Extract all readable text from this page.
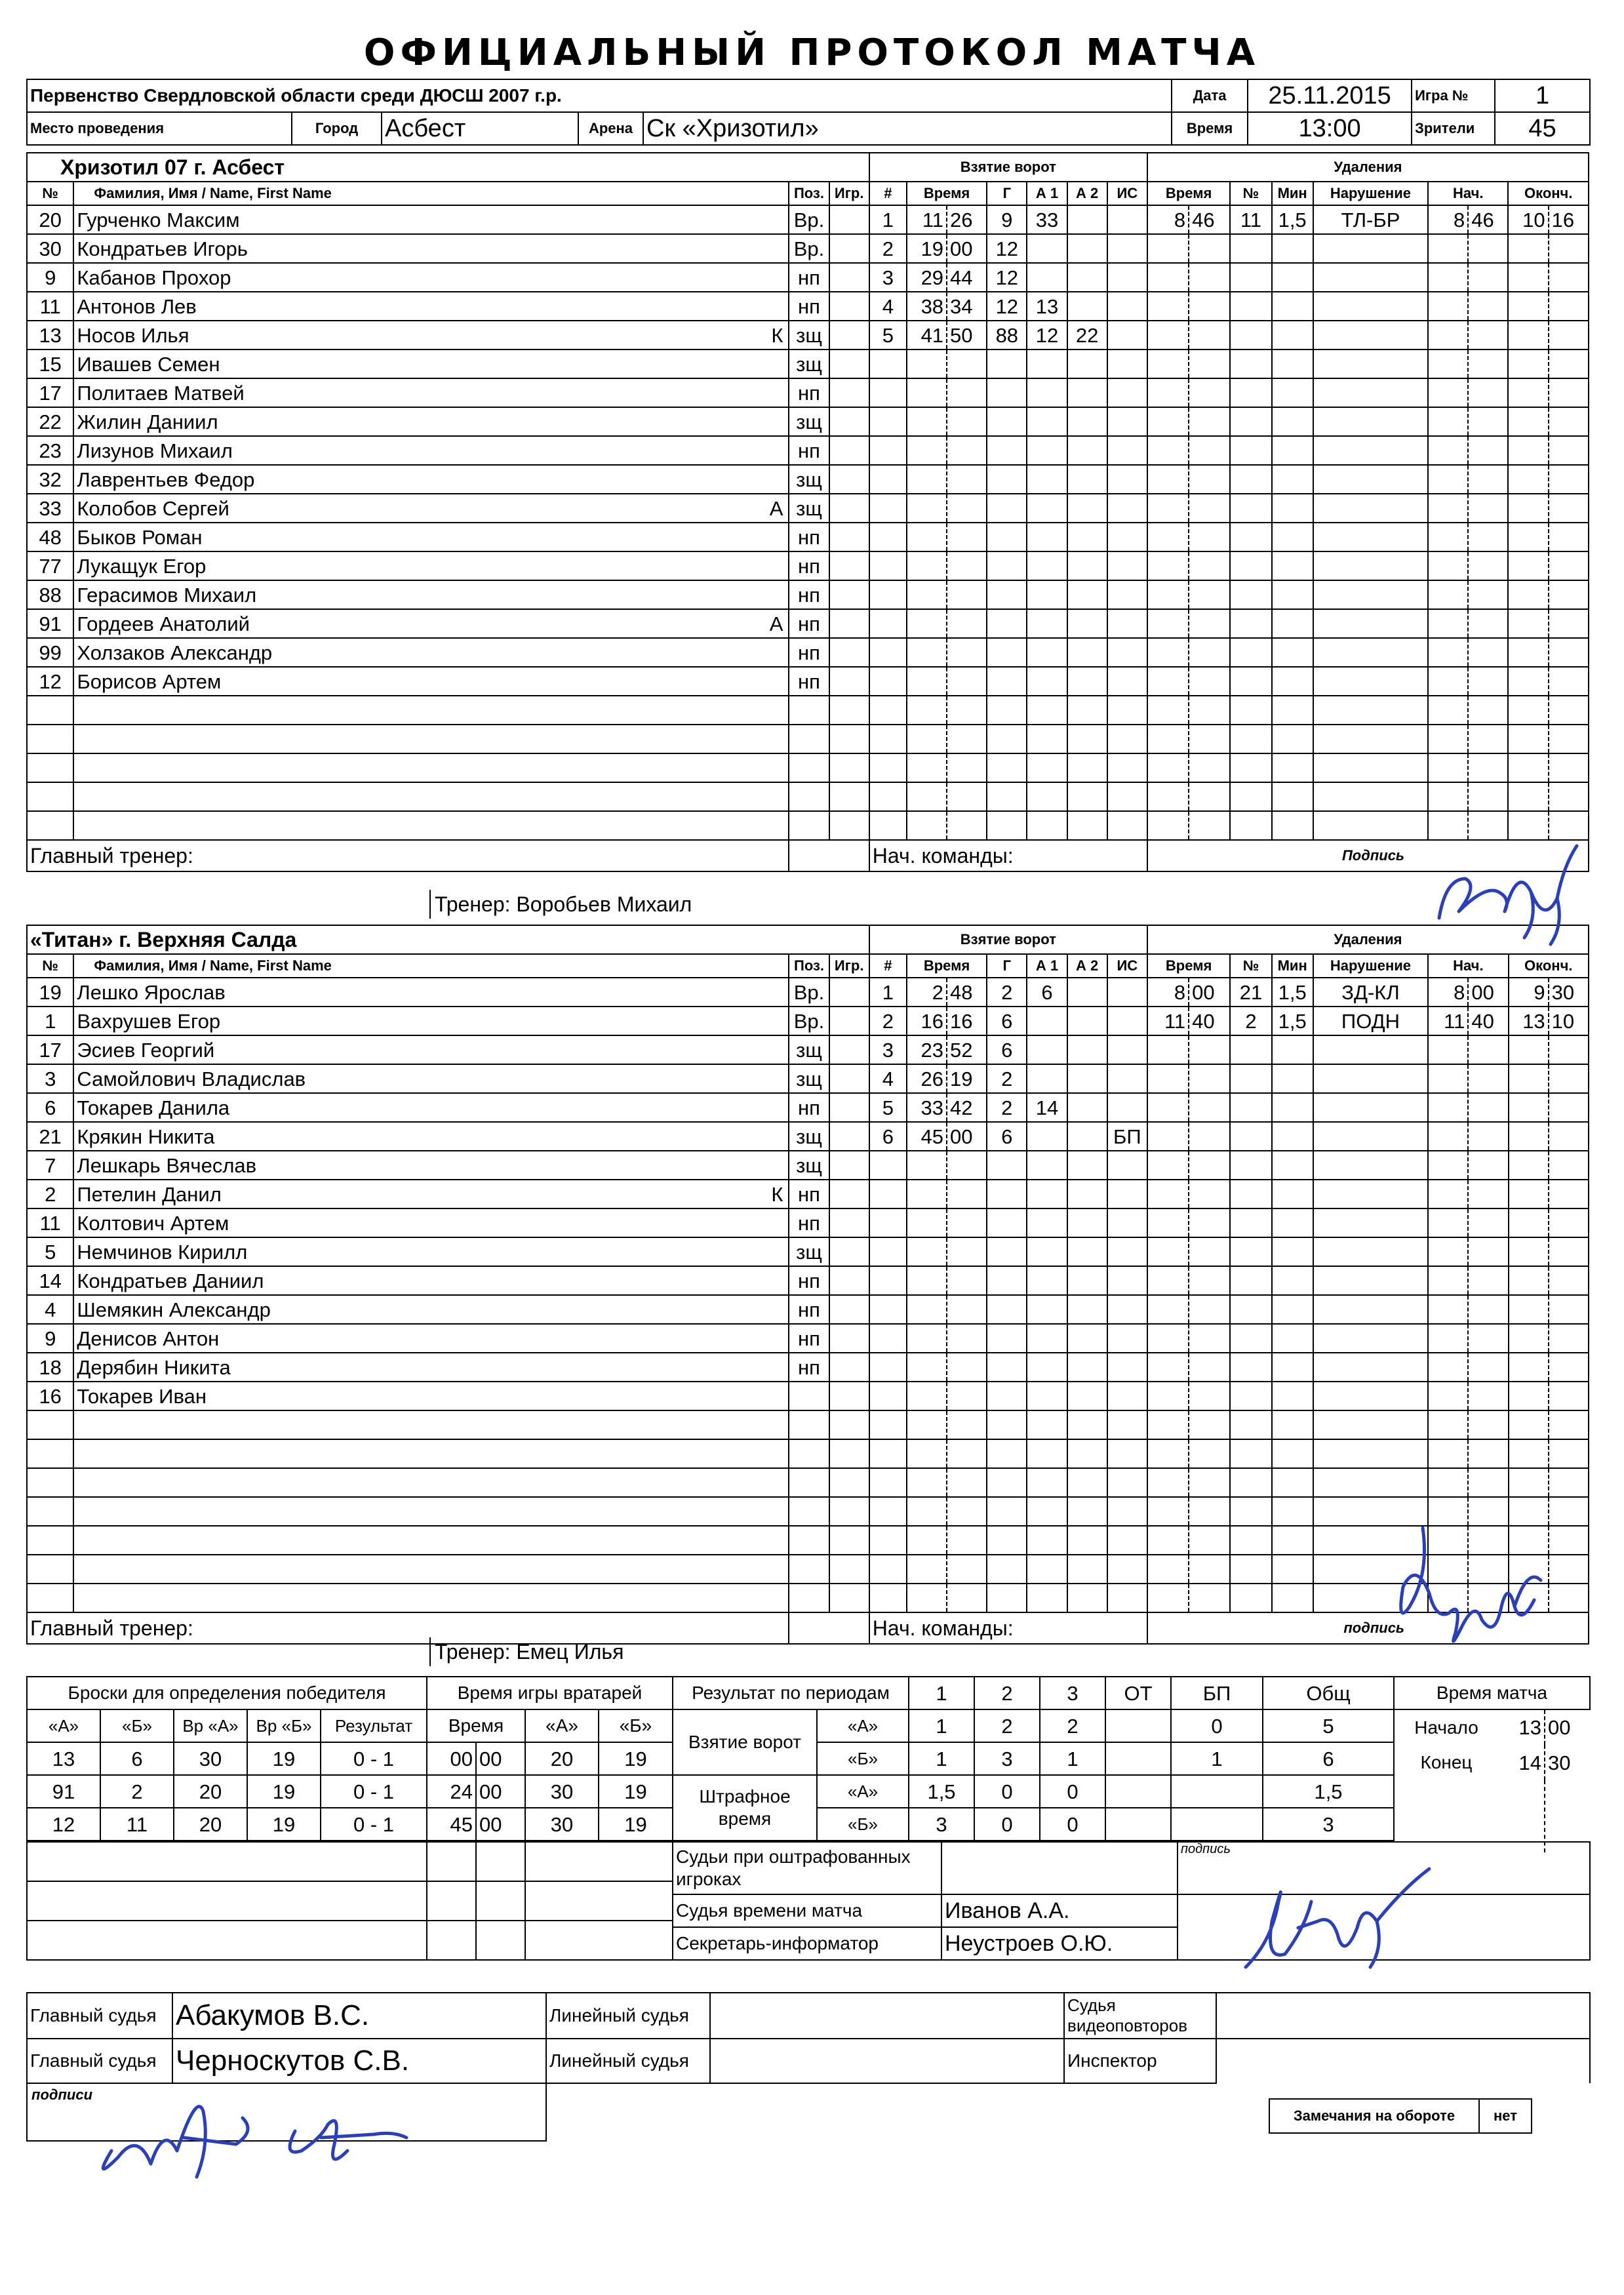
ОФИЦИАЛЬНЫЙ ПРОТОКОЛ МАТЧА
Первенство Свердловской области среди ДЮСШ 2007 г.р.					Дата	25.11.2015	Игра №	1
Место проведения	Город	Асбест	Арена	Ск «Хризотил»	Время	13:00	Зрители	45
Хризотил 07 г. Асбест				Взятие ворот							Удаления								
№	Фамилия, Имя / Name, First Name	Поз.	Игр.	#	Время		Г	А 1	А 2	ИС	Время		№	Мин	Нарушение	Нач.		Оконч.	
20	Гурченко Максим	Вр.		1	11	26	9	33			8	46	11	1,5	ТЛ-БР	8	46	10	16
30	Кондратьев Игорь	Вр.		2	19	00	12												
9	Кабанов Прохор	нп		3	29	44	12												
11	Антонов Лев	нп		4	38	34	12	13											
13	Носов Илья К	зщ		5	41	50	88	12	22										
15	Ивашев Семен	зщ																	
17	Политаев Матвей	нп																	
22	Жилин Даниил	зщ																	
23	Лизунов Михаил	нп																	
32	Лаврентьев Федор	зщ																	
33	Колобов Сергей А	зщ																	
48	Быков Роман	нп																	
77	Лукащук Егор	нп																	
88	Герасимов Михаил	нп																	
91	Гордеев Анатолий А	нп																	
99	Холзаков Александр	нп																	
12	Борисов Артем	нп																	

Главный тренер:				Нач. команды:							Подпись								
Тренер: Воробьев Михаил
«Титан» г. Верхняя Салда				Взятие ворот							Удаления								
№	Фамилия, Имя / Name, First Name	Поз.	Игр.	#	Время		Г	А 1	А 2	ИС	Время		№	Мин	Нарушение	Нач.		Оконч.	
19	Лешко Ярослав	Вр.		1	2	48	2	6			8	00	21	1,5	ЗД-КЛ	8	00	9	30
1	Вахрушев Егор	Вр.		2	16	16	6				11	40	2	1,5	ПОДН	11	40	13	10
17	Эсиев Георгий	зщ		3	23	52	6												
3	Самойлович Владислав	зщ		4	26	19	2												
6	Токарев Данила	нп		5	33	42	2	14											
21	Крякин Никита	зщ		6	45	00	6			БП									
7	Лешкарь Вячеслав	зщ																	
2	Петелин Данил К	нп																	
11	Колтович Артем	нп																	
5	Немчинов Кирилл	зщ																	
14	Кондратьев Даниил	нп																	
4	Шемякин Александр	нп																	
9	Денисов Антон	нп																	
18	Дерябин Никита	нп																	
16	Токарев Иван

Главный тренер:				Нач. команды:							подпись								
Тренер: Емец Илья
Броски для определения победителя				
«А»	«Б»	Вр «А»	Вр «Б»	Результат
13	6	30	19	0 - 1
91	2	20	19	0 - 1
12	11	20	19	0 - 1
Время игры вратарей			
Время		«А»	«Б»
00	00	20	19
24	00	30	19
45	00	30	19
Результат по периодам		1	2	3	ОТ	БП	Общ
Взятие ворот	«А»	1	2	2		0	5
	«Б»	1	3	1		1	6
Штрафное время	«А»	1,5	0	0			1,5
	«Б»	3	0	0			3
Время матча		
Начало	13	00
Конец	14	30

Судьи при оштрафованных игроках		подпись
Судья времени матча	Иванов А.А.	
Секретарь-информатор	Неустроев О.Ю.	

Главный судья	Абакумов В.С.	Линейный судья		Судья видеоповторов	
Главный судья	Черноскутов С.В.	Линейный судья		Инспектор	
подписи
Замечания на обороте	нет
